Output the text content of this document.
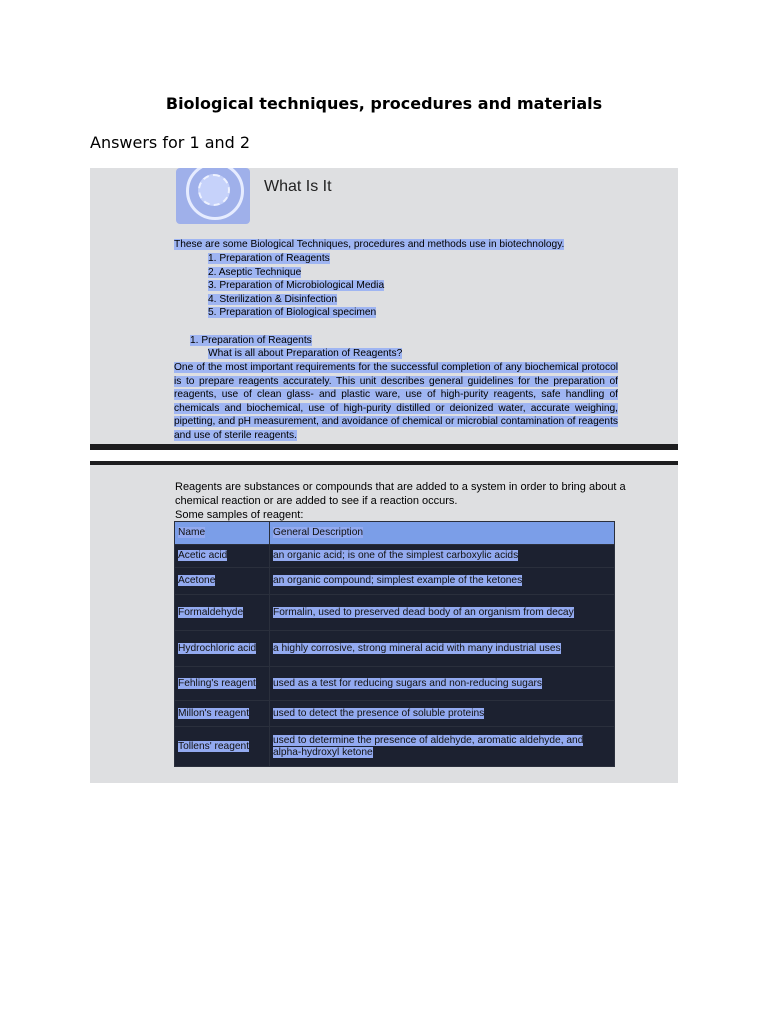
Biological techniques, procedures and materials
Answers for 1 and 2
What Is It
These are some Biological Techniques, procedures and methods use in biotechnology.
1. Preparation of Reagents
2. Aseptic Technique
3. Preparation of Microbiological Media
4. Sterilization & Disinfection
5. Preparation of Biological specimen
1. Preparation of Reagents
What is all about Preparation of Reagents?
One of the most important requirements for the successful completion of any biochemical protocol is to prepare reagents accurately. This unit describes general guidelines for the preparation of reagents, use of clean glass- and plastic ware, use of high-purity reagents, safe handling of chemicals and biochemical, use of high-purity distilled or deionized water, accurate weighing, pipetting, and pH measurement, and avoidance of chemical or microbial contamination of reagents and use of sterile reagents.
Reagents are substances or compounds that are added to a system in order to bring about a chemical reaction or are added to see if a reaction occurs.
Some samples of reagent:
Name	General Description
Acetic acid	an organic acid; is one of the simplest carboxylic acids
Acetone	an organic compound; simplest example of the ketones
Formaldehyde	Formalin, used to preserved dead body of an organism from decay
Hydrochloric acid	a highly corrosive, strong mineral acid with many industrial uses
Fehling's reagent	used as a test for reducing sugars and non-reducing sugars
Millon's reagent	used to detect the presence of soluble proteins
Tollens' reagent	used to determine the presence of aldehyde, aromatic aldehyde, and alpha-hydroxyl ketone
